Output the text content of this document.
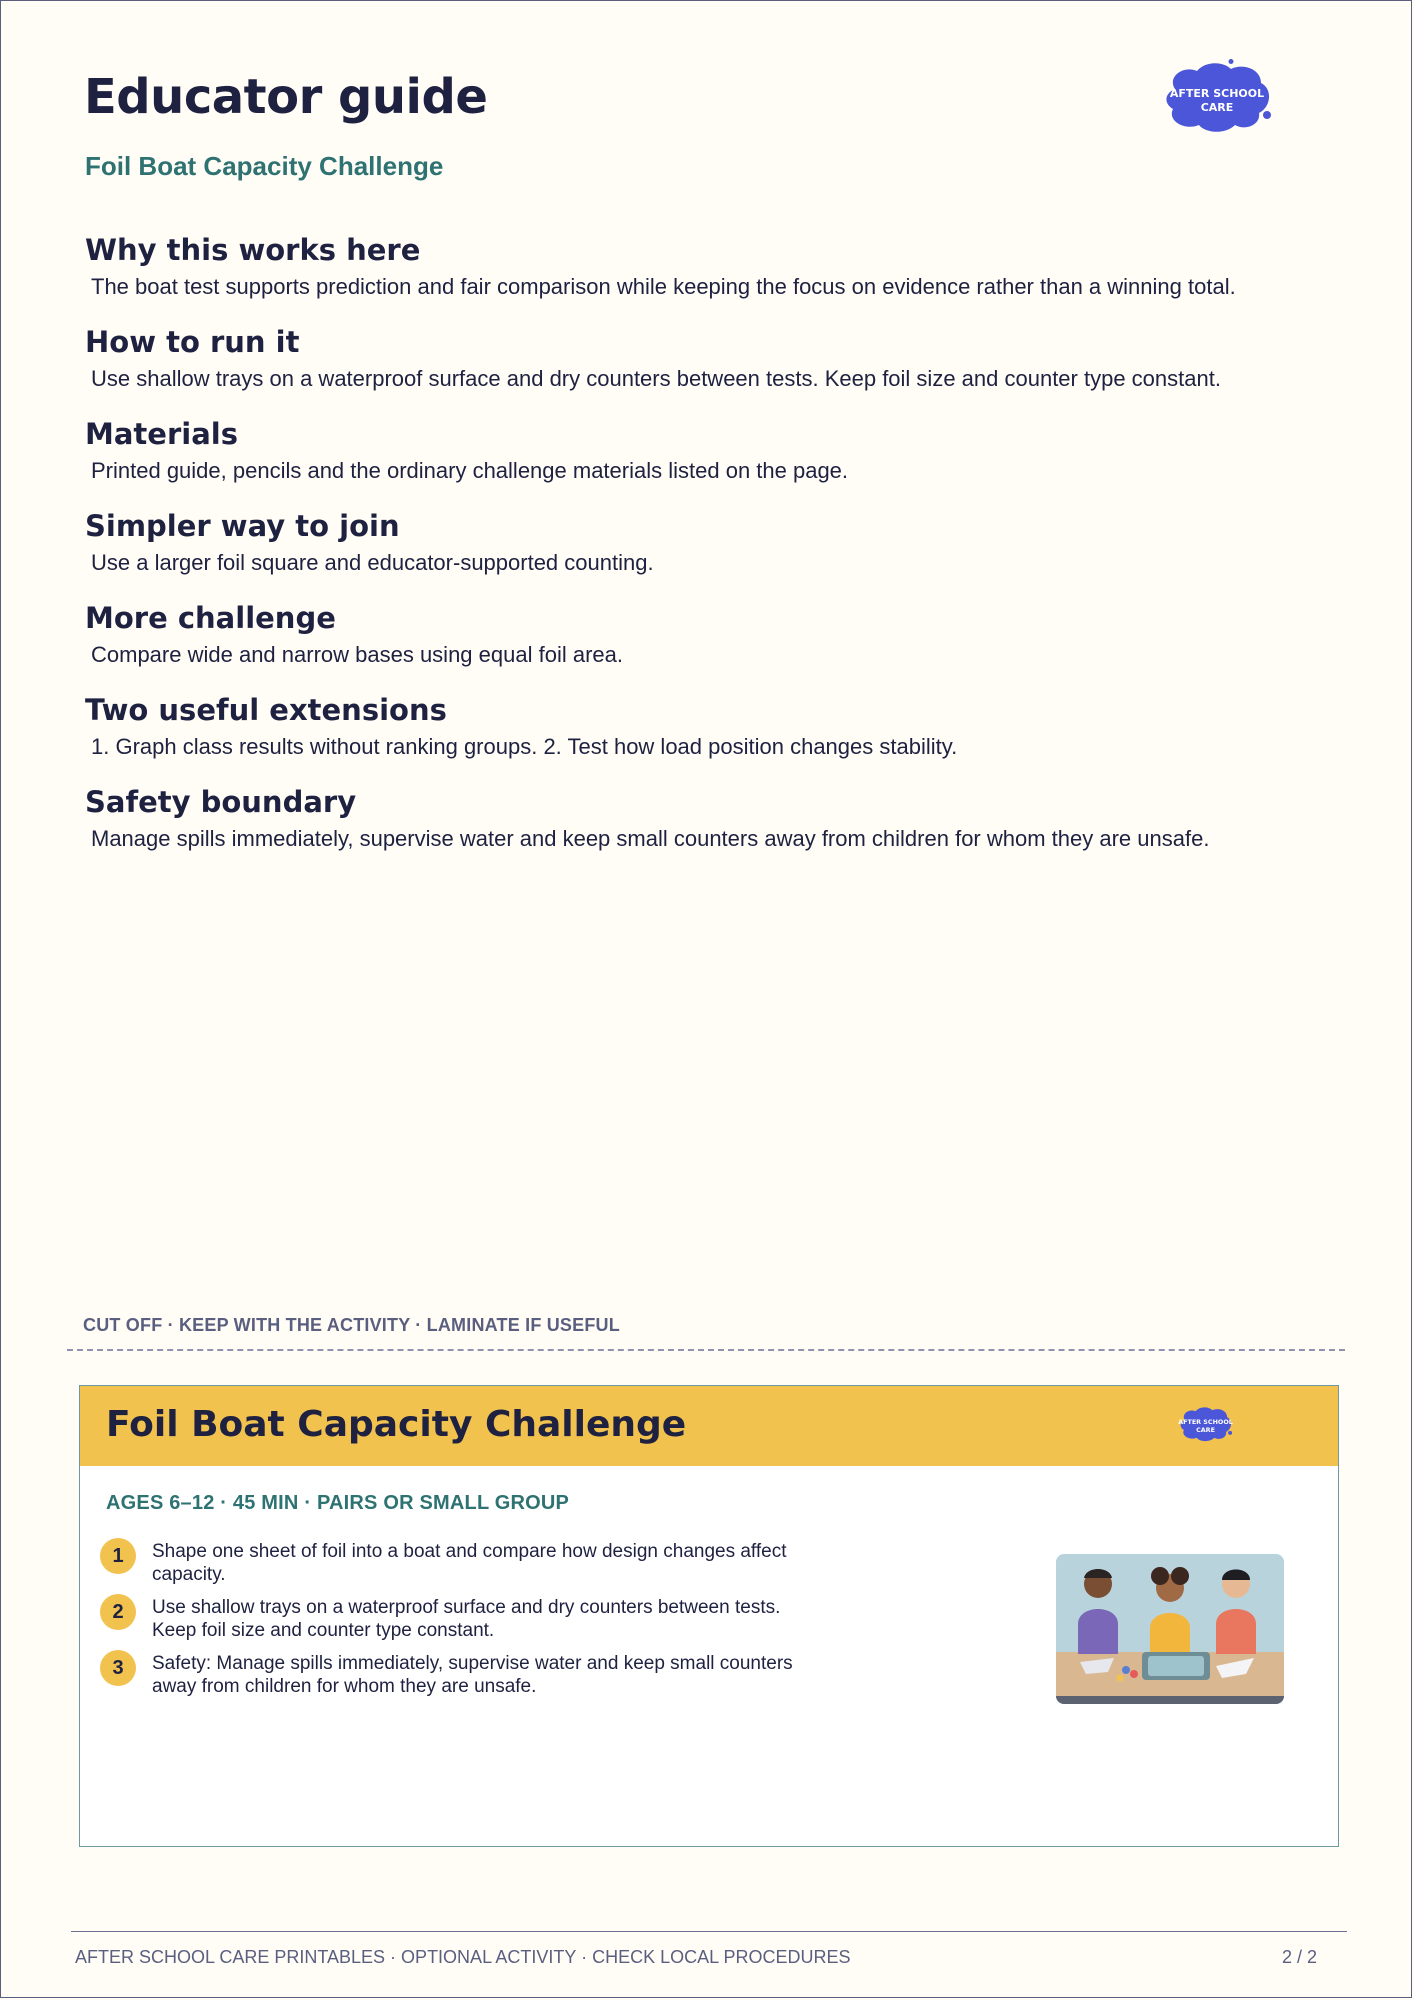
Educator guide
Foil Boat Capacity Challenge
AFTER SCHOOL
CARE
Why this works here

The boat test supports prediction and fair comparison while keeping the focus on evidence rather than a winning total.

How to run it

Use shallow trays on a waterproof surface and dry counters between tests. Keep foil size and counter type constant.

Materials

Printed guide, pencils and the ordinary challenge materials listed on the page.

Simpler way to join

Use a larger foil square and educator-supported counting.

More challenge

Compare wide and narrow bases using equal foil area.

Two useful extensions

1. Graph class results without ranking groups. 2. Test how load position changes stability.

Safety boundary

Manage spills immediately, supervise water and keep small counters away from children for whom they are unsafe.

CUT OFF · KEEP WITH THE ACTIVITY · LAMINATE IF USEFUL
Foil Boat Capacity Challenge	AFTER SCHOOL
CARE
AGES 6–12 · 45 MIN · PAIRS OR SMALL GROUP
1	Shape one sheet of foil into a boat and compare how design changes affect capacity.
2	Use shallow trays on a waterproof surface and dry counters between tests. Keep foil size and counter type constant.
3	Safety: Manage spills immediately, supervise water and keep small counters away from children for whom they are unsafe.
AFTER SCHOOL CARE PRINTABLES · OPTIONAL ACTIVITY · CHECK LOCAL PROCEDURES	2 / 2
